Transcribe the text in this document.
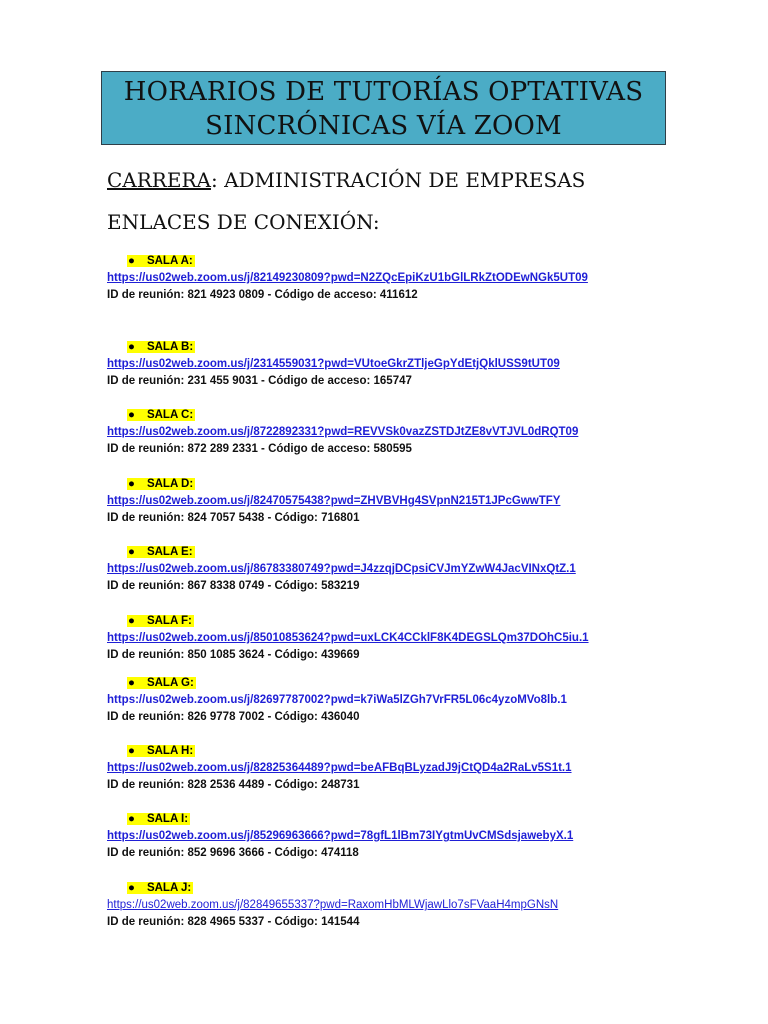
HORARIOS DE TUTORÍAS OPTATIVAS
SINCRÓNICAS VÍA ZOOM
CARRERA: ADMINISTRACIÓN DE EMPRESAS
ENLACES DE CONEXIÓN:
● SALA A:
https://us02web.zoom.us/j/82149230809?pwd=N2ZQcEpiKzU1bGlLRkZtODEwNGk5UT09
ID de reunión: 821 4923 0809 - Código de acceso: 411612
● SALA B:
https://us02web.zoom.us/j/2314559031?pwd=VUtoeGkrZTljeGpYdEtjQklUSS9tUT09
ID de reunión: 231 455 9031 - Código de acceso: 165747
● SALA C:
https://us02web.zoom.us/j/8722892331?pwd=REVVSk0vazZSTDJtZE8vVTJVL0dRQT09
ID de reunión: 872 289 2331 - Código de acceso: 580595
● SALA D:
https://us02web.zoom.us/j/82470575438?pwd=ZHVBVHg4SVpnN215T1JPcGwwTFY
ID de reunión: 824 7057 5438 - Código: 716801
● SALA E:
https://us02web.zoom.us/j/86783380749?pwd=J4zzqjDCpsiCVJmYZwW4JacVINxQtZ.1
ID de reunión: 867 8338 0749 - Código: 583219
● SALA F:
https://us02web.zoom.us/j/85010853624?pwd=uxLCK4CCklF8K4DEGSLQm37DOhC5iu.1
ID de reunión: 850 1085 3624 - Código: 439669
● SALA G:
https://us02web.zoom.us/j/82697787002?pwd=k7iWa5lZGh7VrFR5L06c4yzoMVo8lb.1
ID de reunión: 826 9778 7002 - Código: 436040
● SALA H:
https://us02web.zoom.us/j/82825364489?pwd=beAFBqBLyzadJ9jCtQD4a2RaLv5S1t.1
ID de reunión: 828 2536 4489 - Código: 248731
● SALA I:
https://us02web.zoom.us/j/85296963666?pwd=78gfL1lBm73IYgtmUvCMSdsjawebyX.1
ID de reunión: 852 9696 3666 - Código: 474118
● SALA J:
https://us02web.zoom.us/j/82849655337?pwd=RaxomHbMLWjawLlo7sFVaaH4mpGNsN
ID de reunión: 828 4965 5337 - Código: 141544
